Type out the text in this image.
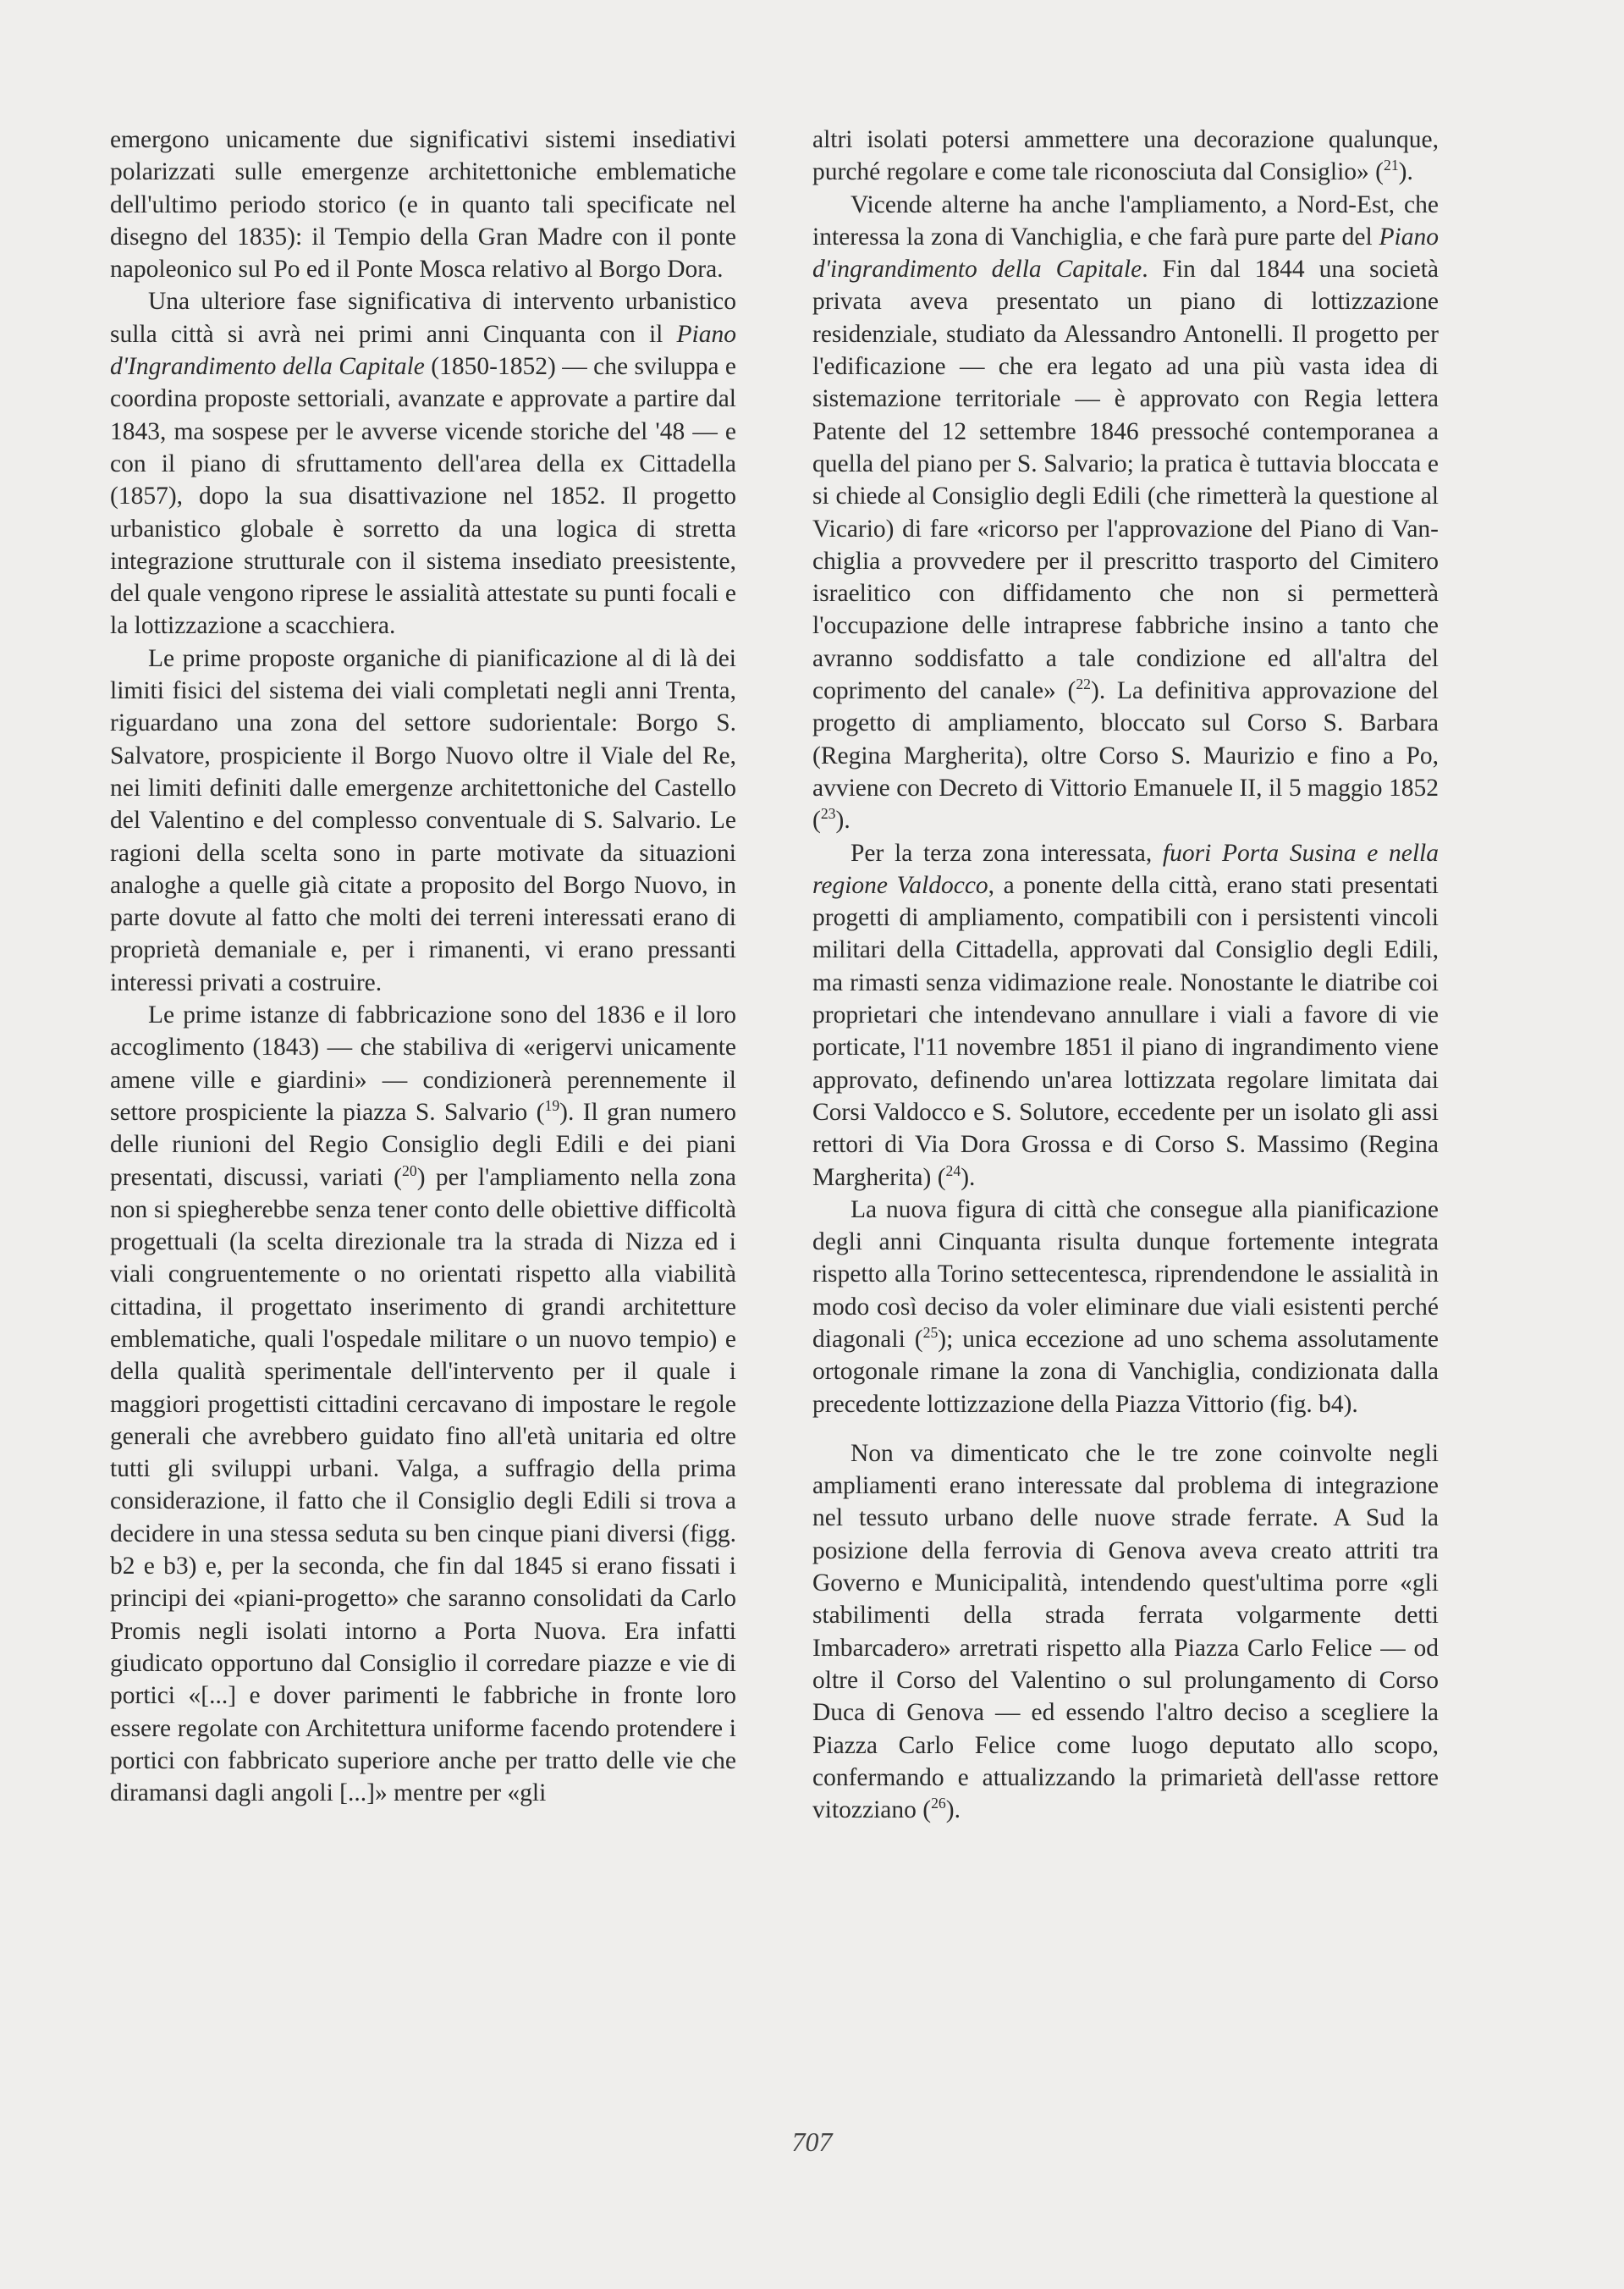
emergono unicamente due significativi sistemi insediativi polarizzati sulle emergenze architettoniche emblematiche dell'ultimo periodo storico (e in quanto tali specificate nel disegno del 1835): il Tempio della Gran Madre con il ponte napoleonico sul Po ed il Ponte Mosca relativo al Borgo Dora.

Una ulteriore fase significativa di intervento urbanistico sulla città si avrà nei primi anni Cinquanta con il Piano d'Ingrandimento della Capitale (1850-1852) — che sviluppa e coordina proposte settoriali, avanzate e approvate a partire dal 1843, ma sospese per le avverse vicende storiche del '48 — e con il piano di sfruttamento dell'area della ex Cittadella (1857), dopo la sua disattivazione nel 1852. Il progetto urbanistico globale è sorretto da una logica di stretta integrazione strutturale con il sistema insediato preesistente, del quale vengono riprese le assialità attestate su punti focali e la lottizzazione a scacchiera.

Le prime proposte organiche di pianificazione al di là dei limiti fisici del sistema dei viali completati negli anni Trenta, riguardano una zona del settore sudorientale: Borgo S. Salvatore, prospiciente il Borgo Nuovo oltre il Viale del Re, nei limiti definiti dalle emergenze architettoniche del Castello del Valentino e del complesso conventuale di S. Salvario. Le ragioni della scelta sono in parte motivate da situazioni analoghe a quelle già citate a proposito del Borgo Nuovo, in parte dovute al fatto che molti dei terreni interessati erano di proprietà demaniale e, per i rimanenti, vi erano pressanti interessi privati a costruire.

Le prime istanze di fabbricazione sono del 1836 e il loro accoglimento (1843) — che stabiliva di «erigervi unicamente amene ville e giardini» — condizionerà perennemente il settore prospiciente la piazza S. Salvario ($^{19}$). Il gran numero delle riunioni del Regio Consiglio degli Edili e dei piani presentati, discussi, variati ($^{20}$) per l'ampliamento nella zona non si spiegherebbe senza tener conto delle obiettive difficoltà progettuali (la scelta direzionale tra la strada di Nizza ed i viali congruentemente o no orientati rispetto alla viabilità cittadina, il progettato inserimento di grandi architetture emblematiche, quali l'ospedale militare o un nuovo tempio) e della qualità sperimentale dell'intervento per il quale i maggiori progettisti cittadini cercavano di impostare le regole generali che avrebbero guidato fino all'età unitaria ed oltre tutti gli sviluppi urbani. Valga, a suffragio della prima considerazione, il fatto che il Consiglio degli Edili si trova a decidere in una stessa seduta su ben cinque piani diversi (figg. b2 e b3) e, per la seconda, che fin dal 1845 si erano fissati i principi dei «piani-progetto» che saranno consolidati da Carlo Promis negli isolati intorno a Porta Nuova. Era infatti giudicato opportuno dal Consiglio il corredare piazze e vie di portici «[...] e dover parimenti le fabbriche in fronte loro essere regolate con Architettura uniforme facendo protendere i portici con fabbricato superiore anche per tratto delle vie che diramansi dagli angoli [...]» mentre per «gli

altri isolati potersi ammettere una decorazione qualunque, purché regolare e come tale riconosciuta dal Consiglio» ($^{21}$).

Vicende alterne ha anche l'ampliamento, a Nord-Est, che interessa la zona di Vanchiglia, e che farà pure parte del Piano d'ingrandimento della Capitale. Fin dal 1844 una società privata aveva presentato un piano di lottizzazione residenziale, studiato da Alessandro Antonelli. Il progetto per l'edificazione — che era legato ad una più vasta idea di sistemazione territoriale — è approvato con Regia lettera Patente del 12 settembre 1846 pressoché contemporanea a quella del piano per S. Salvario; la pratica è tuttavia bloccata e si chiede al Consiglio degli Edili (che rimetterà la questione al Vicario) di fare «ricorso per l'approvazione del Piano di Vanchiglia a provvedere per il prescritto trasporto del Cimitero israelitico con diffidamento che non si permetterà l'occupazione delle intraprese fabbriche insino a tanto che avranno soddisfatto a tale condizione ed all'altra del coprimento del canale» ($^{22}$). La definitiva approvazione del progetto di ampliamento, bloccato sul Corso S. Barbara (Regina Margherita), oltre Corso S. Maurizio e fino a Po, avviene con Decreto di Vittorio Emanuele II, il 5 maggio 1852 ($^{23}$).

Per la terza zona interessata, fuori Porta Susina e nella regione Valdocco, a ponente della città, erano stati presentati progetti di ampliamento, compatibili con i persistenti vincoli militari della Cittadella, approvati dal Consiglio degli Edili, ma rimasti senza vidimazione reale. Nonostante le diatribe coi proprietari che intendevano annullare i viali a favore di vie porticate, l'11 novembre 1851 il piano di ingrandimento viene approvato, definendo un'area lottizzata regolare limitata dai Corsi Valdocco e S. Solutore, eccedente per un isolato gli assi rettori di Via Dora Grossa e di Corso S. Massimo (Regina Margherita) ($^{24}$).

La nuova figura di città che consegue alla pianificazione degli anni Cinquanta risulta dunque fortemente integrata rispetto alla Torino settecentesca, riprendendone le assialità in modo così deciso da voler eliminare due viali esistenti perché diagonali ($^{25}$); unica eccezione ad uno schema assolutamente ortogonale rimane la zona di Vanchiglia, condizionata dalla precedente lottizzazione della Piazza Vittorio (fig. b4).

Non va dimenticato che le tre zone coinvolte negli ampliamenti erano interessate dal problema di integrazione nel tessuto urbano delle nuove strade ferrate. A Sud la posizione della ferrovia di Genova aveva creato attriti tra Governo e Municipalità, intendendo quest'ultima porre «gli stabilimenti della strada ferrata volgarmente detti Imbarcadero» arretrati rispetto alla Piazza Carlo Felice — od oltre il Corso del Valentino o sul prolungamento di Corso Duca di Genova — ed essendo l'altro deciso a scegliere la Piazza Carlo Felice come luogo deputato allo scopo, confermando e attualizzando la primarietà dell'asse rettore vitozziano ($^{26}$).

707
